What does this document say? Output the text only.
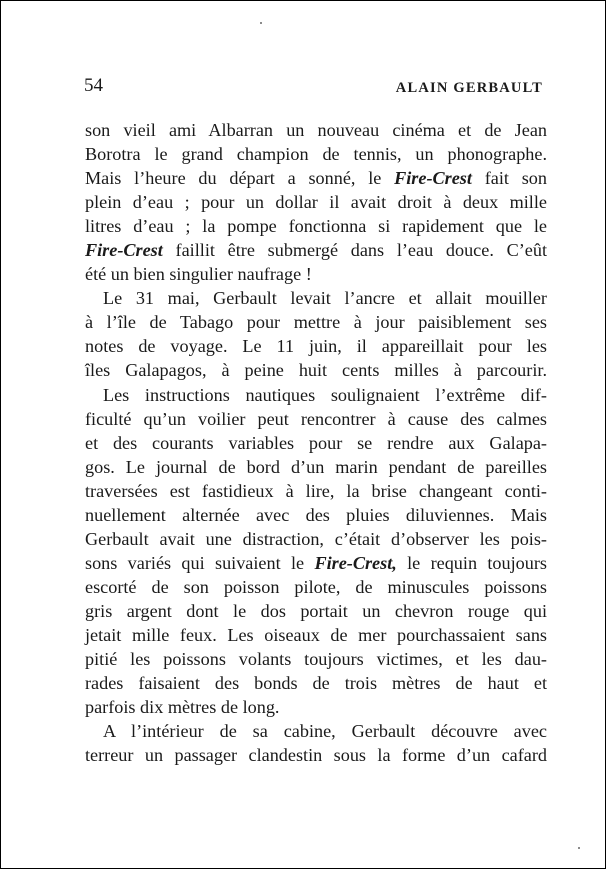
54	ALAIN GERBAULT

son vieil ami Albarran un nouveau cinéma et de Jean

Borotra le grand champion de tennis, un phonographe.

Mais l’heure du départ a sonné, le Fire-Crest fait son

plein d’eau ; pour un dollar il avait droit à deux mille

litres d’eau ; la pompe fonctionna si rapidement que le

Fire-Crest faillit être submergé dans l’eau douce. C’eût

été un bien singulier naufrage !

Le 31 mai, Gerbault levait l’ancre et allait mouiller

à l’île de Tabago pour mettre à jour paisiblement ses

notes de voyage. Le 11 juin, il appareillait pour les

îles Galapagos, à peine huit cents milles à parcourir.

Les instructions nautiques soulignaient l’extrême dif-

ficulté qu’un voilier peut rencontrer à cause des calmes

et des courants variables pour se rendre aux Galapa-

gos. Le journal de bord d’un marin pendant de pareilles

traversées est fastidieux à lire, la brise changeant conti-

nuellement alternée avec des pluies diluviennes. Mais

Gerbault avait une distraction, c’était d’observer les pois-

sons variés qui suivaient le Fire-Crest, le requin toujours

escorté de son poisson pilote, de minuscules poissons

gris argent dont le dos portait un chevron rouge qui

jetait mille feux. Les oiseaux de mer pourchassaient sans

pitié les poissons volants toujours victimes, et les dau-

rades faisaient des bonds de trois mètres de haut et

parfois dix mètres de long.

A l’intérieur de sa cabine, Gerbault découvre avec

terreur un passager clandestin sous la forme d’un cafard
